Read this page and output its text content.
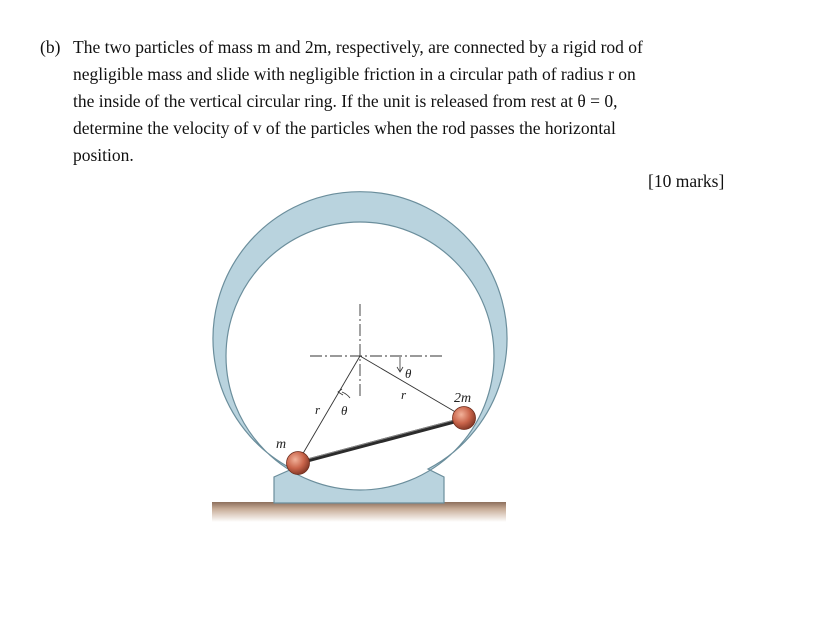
(b) The two particles of mass m and 2m, respectively, are connected by a rigid rod of
negligible mass and slide with negligible friction in a circular path of radius r on
the inside of the vertical circular ring. If the unit is released from rest at θ = 0,
determine the velocity of v of the particles when the rod passes the horizontal
position.
[10 marks]
m
2m
r
r
θ
θ
